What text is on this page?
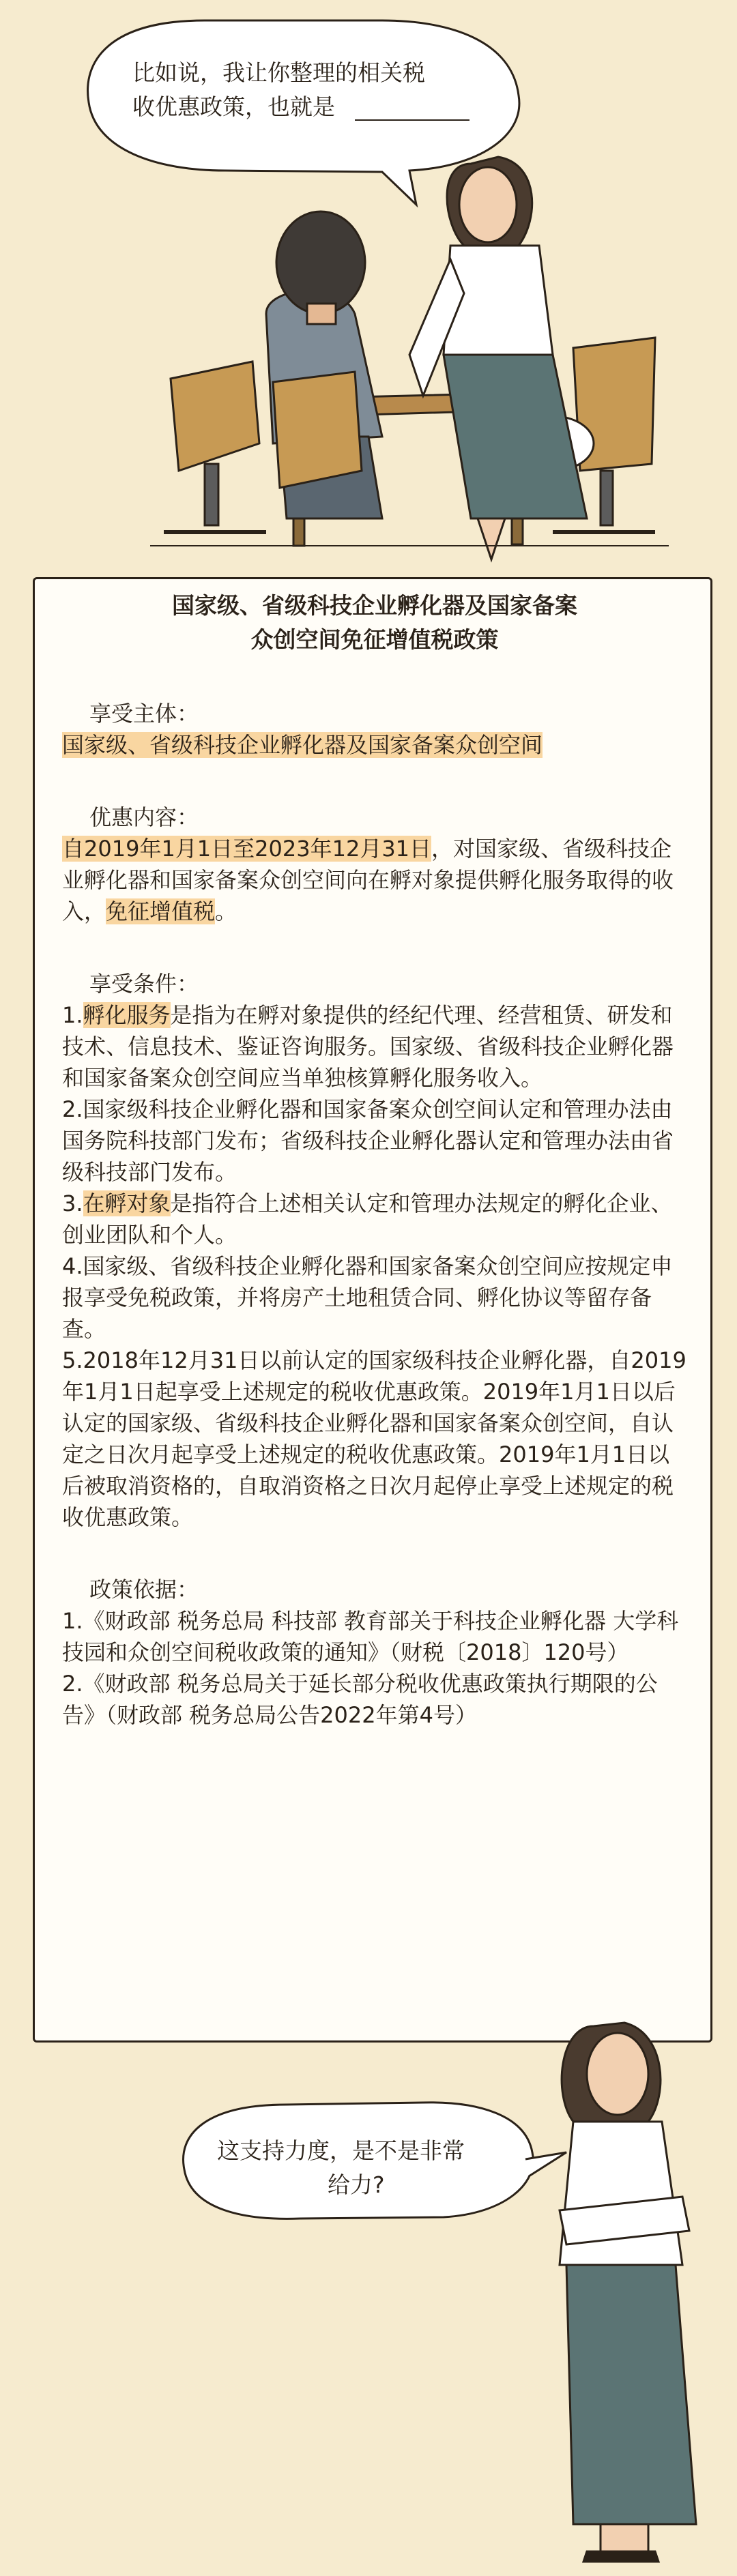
比如说，我让你整理的相关税
收优惠政策，也就是

国家级、省级科技企业孵化器及国家备案

众创空间免征增值税政策

享受主体：

国家级、省级科技企业孵化器及国家备案众创空间

优惠内容：

自2019年1月1日至2023年12月31日，对国家级、省级科技企业孵化器和国家备案众创空间向在孵对象提供孵化服务取得的收入，免征增值税。

享受条件：

1.孵化服务是指为在孵对象提供的经纪代理、经营租赁、研发和技术、信息技术、鉴证咨询服务。国家级、省级科技企业孵化器和国家备案众创空间应当单独核算孵化服务收入。

2.国家级科技企业孵化器和国家备案众创空间认定和管理办法由国务院科技部门发布；省级科技企业孵化器认定和管理办法由省级科技部门发布。

3.在孵对象是指符合上述相关认定和管理办法规定的孵化企业、创业团队和个人。

4.国家级、省级科技企业孵化器和国家备案众创空间应按规定申报享受免税政策，并将房产土地租赁合同、孵化协议等留存备查。

5.2018年12月31日以前认定的国家级科技企业孵化器，自2019年1月1日起享受上述规定的税收优惠政策。2019年1月1日以后认定的国家级、省级科技企业孵化器和国家备案众创空间，自认定之日次月起享受上述规定的税收优惠政策。2019年1月1日以后被取消资格的，自取消资格之日次月起停止享受上述规定的税收优惠政策。

政策依据：

1.《财政部 税务总局 科技部 教育部关于科技企业孵化器 大学科技园和众创空间税收政策的通知》（财税〔2018〕120号）

2.《财政部 税务总局关于延长部分税收优惠政策执行期限的公告》（财政部 税务总局公告2022年第4号）

这支持力度，是不是非常
给力?
